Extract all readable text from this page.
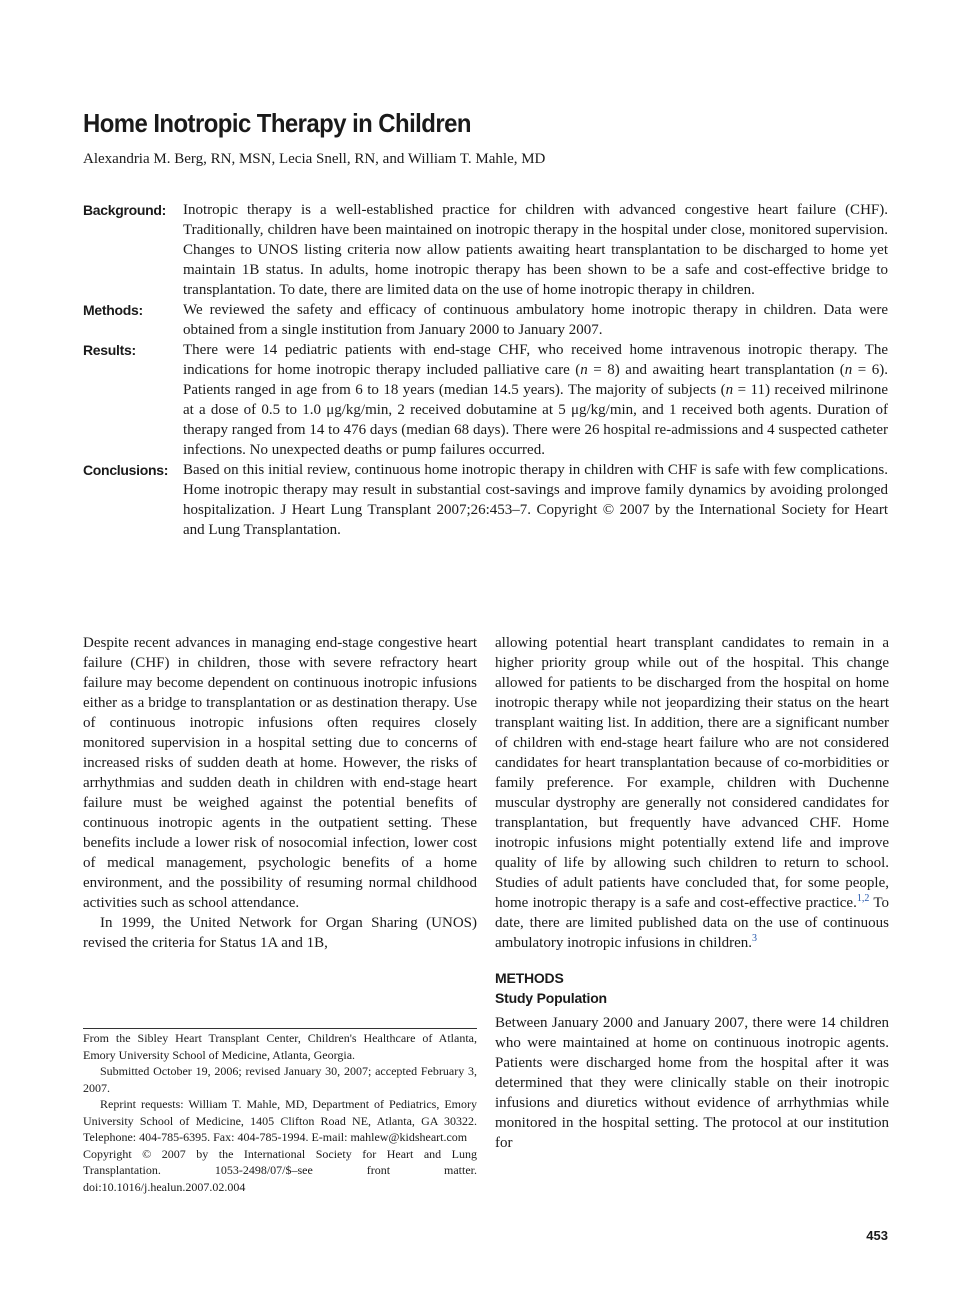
Home Inotropic Therapy in Children

Alexandria M. Berg, RN, MSN, Lecia Snell, RN, and William T. Mahle, MD

Background:	Inotropic therapy is a well-established practice for children with advanced congestive heart failure (CHF). Traditionally, children have been maintained on inotropic therapy in the hospital under close, monitored supervision. Changes to UNOS listing criteria now allow patients awaiting heart transplantation to be discharged to home yet maintain 1B status. In adults, home inotropic therapy has been shown to be a safe and cost-effective bridge to transplantation. To date, there are limited data on the use of home inotropic therapy in children.
Methods:	We reviewed the safety and efficacy of continuous ambulatory home inotropic therapy in children. Data were obtained from a single institution from January 2000 to January 2007.
Results:	There were 14 pediatric patients with end-stage CHF, who received home intravenous inotropic therapy. The indications for home inotropic therapy included palliative care (n = 8) and awaiting heart transplantation (n = 6). Patients ranged in age from 6 to 18 years (median 14.5 years). The majority of subjects (n = 11) received milrinone at a dose of 0.5 to 1.0 μg/kg/min, 2 received dobutamine at 5 μg/kg/min, and 1 received both agents. Duration of therapy ranged from 14 to 476 days (median 68 days). There were 26 hospital re-admissions and 4 suspected catheter infections. No unexpected deaths or pump failures occurred.
Conclusions: Based on this initial review, continuous home inotropic therapy in children with CHF is safe with few complications. Home inotropic therapy may result in substantial cost-savings and improve family dynamics by avoiding prolonged hospitalization. J Heart Lung Transplant 2007;26:453–7. Copyright © 2007 by the International Society for Heart and Lung Transplantation.

Despite recent advances in managing end-stage congestive heart failure (CHF) in children, those with severe refractory heart failure may become dependent on continuous inotropic infusions either as a bridge to transplantation or as destination therapy. Use of continuous inotropic infusions often requires closely monitored supervision in a hospital setting due to concerns of increased risks of sudden death at home. However, the risks of arrhythmias and sudden death in children with end-stage heart failure must be weighed against the potential benefits of continuous inotropic agents in the outpatient setting. These benefits include a lower risk of nosocomial infection, lower cost of medical management, psychologic benefits of a home environment, and the possibility of resuming normal childhood activities such as school attendance.

In 1999, the United Network for Organ Sharing (UNOS) revised the criteria for Status 1A and 1B,

From the Sibley Heart Transplant Center, Children's Healthcare of Atlanta, Emory University School of Medicine, Atlanta, Georgia.

Submitted October 19, 2006; revised January 30, 2007; accepted February 3, 2007.

Reprint requests: William T. Mahle, MD, Department of Pediatrics, Emory University School of Medicine, 1405 Clifton Road NE, Atlanta, GA 30322. Telephone: 404-785-6395. Fax: 404-785-1994. E-mail: mahlew@kidsheart.com

Copyright © 2007 by the International Society for Heart and Lung Transplantation. 1053-2498/07/$–see front matter. doi:10.1016/j.healun.2007.02.004

allowing potential heart transplant candidates to remain in a higher priority group while out of the hospital. This change allowed for patients to be discharged from the hospital on home inotropic therapy while not jeopardizing their status on the heart transplant waiting list. In addition, there are a significant number of children with end-stage heart failure who are not considered candidates for heart transplantation because of co-morbidities or family preference. For example, children with Duchenne muscular dystrophy are generally not considered candidates for transplantation, but frequently have advanced CHF. Home inotropic infusions might potentially extend life and improve quality of life by allowing such children to return to school. Studies of adult patients have concluded that, for some people, home inotropic therapy is a safe and cost-effective practice.$^{1,2}$ To date, there are limited published data on the use of continuous ambulatory inotropic infusions in children.$^3$

METHODS
Study Population

Between January 2000 and January 2007, there were 14 children who were maintained at home on continuous inotropic agents. Patients were discharged home from the hospital after it was determined that they were clinically stable on their inotropic infusions and diuretics without evidence of arrhythmias while monitored in the hospital setting. The protocol at our institution for

453
